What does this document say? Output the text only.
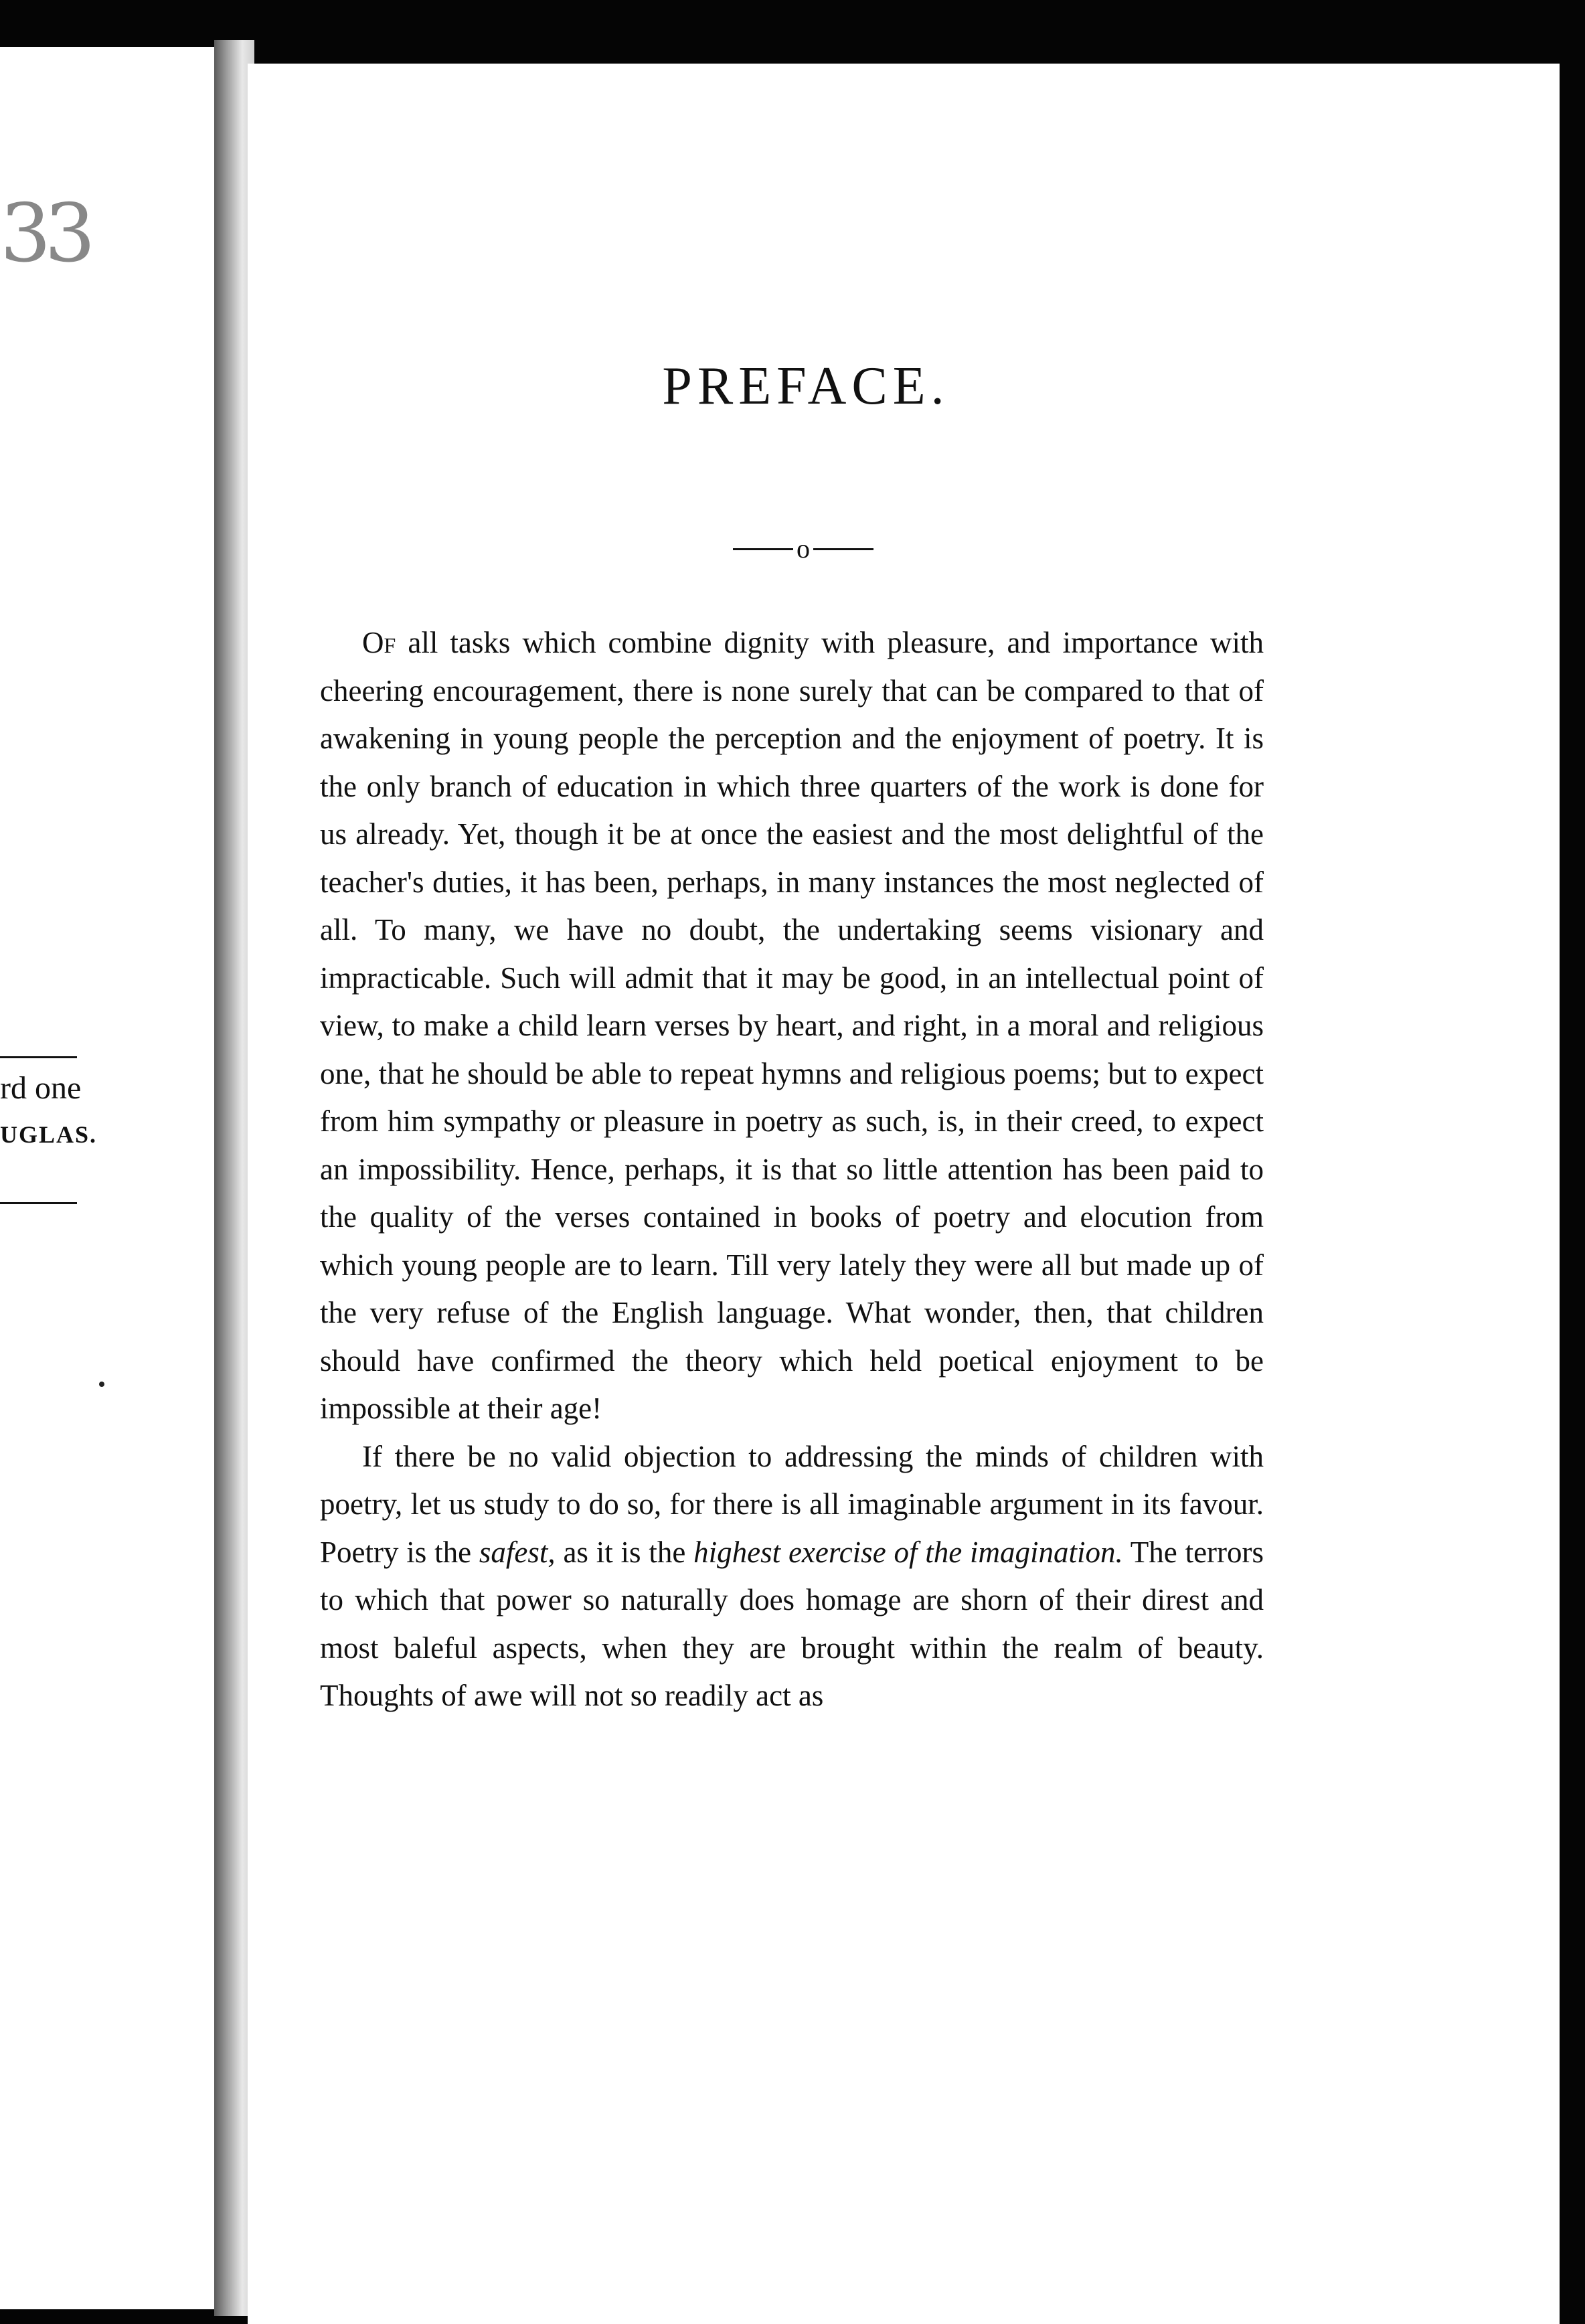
33
rd one
UGLAS.
PREFACE.
o

Of all tasks which combine dignity with pleasure, and importance with cheering encouragement, there is none surely that can be compared to that of awakening in young people the perception and the enjoyment of poetry. It is the only branch of education in which three quarters of the work is done for us already. Yet, though it be at once the easiest and the most delightful of the teacher's duties, it has been, perhaps, in many instances the most neglected of all. To many, we have no doubt, the undertaking seems visionary and impracticable. Such will admit that it may be good, in an intellectual point of view, to make a child learn verses by heart, and right, in a moral and religious one, that he should be able to repeat hymns and religious poems; but to expect from him sympathy or pleasure in poetry as such, is, in their creed, to expect an impossibility. Hence, perhaps, it is that so little attention has been paid to the quality of the verses contained in books of poetry and elocution from which young people are to learn. Till very lately they were all but made up of the very refuse of the English language. What wonder, then, that children should have confirmed the theory which held poetical enjoyment to be impossible at their age!

If there be no valid objection to addressing the minds of children with poetry, let us study to do so, for there is all imaginable argument in its favour. Poetry is the safest, as it is the highest exercise of the imagination. The terrors to which that power so naturally does homage are shorn of their direst and most baleful aspects, when they are brought within the realm of beauty. Thoughts of awe will not so readily act as
